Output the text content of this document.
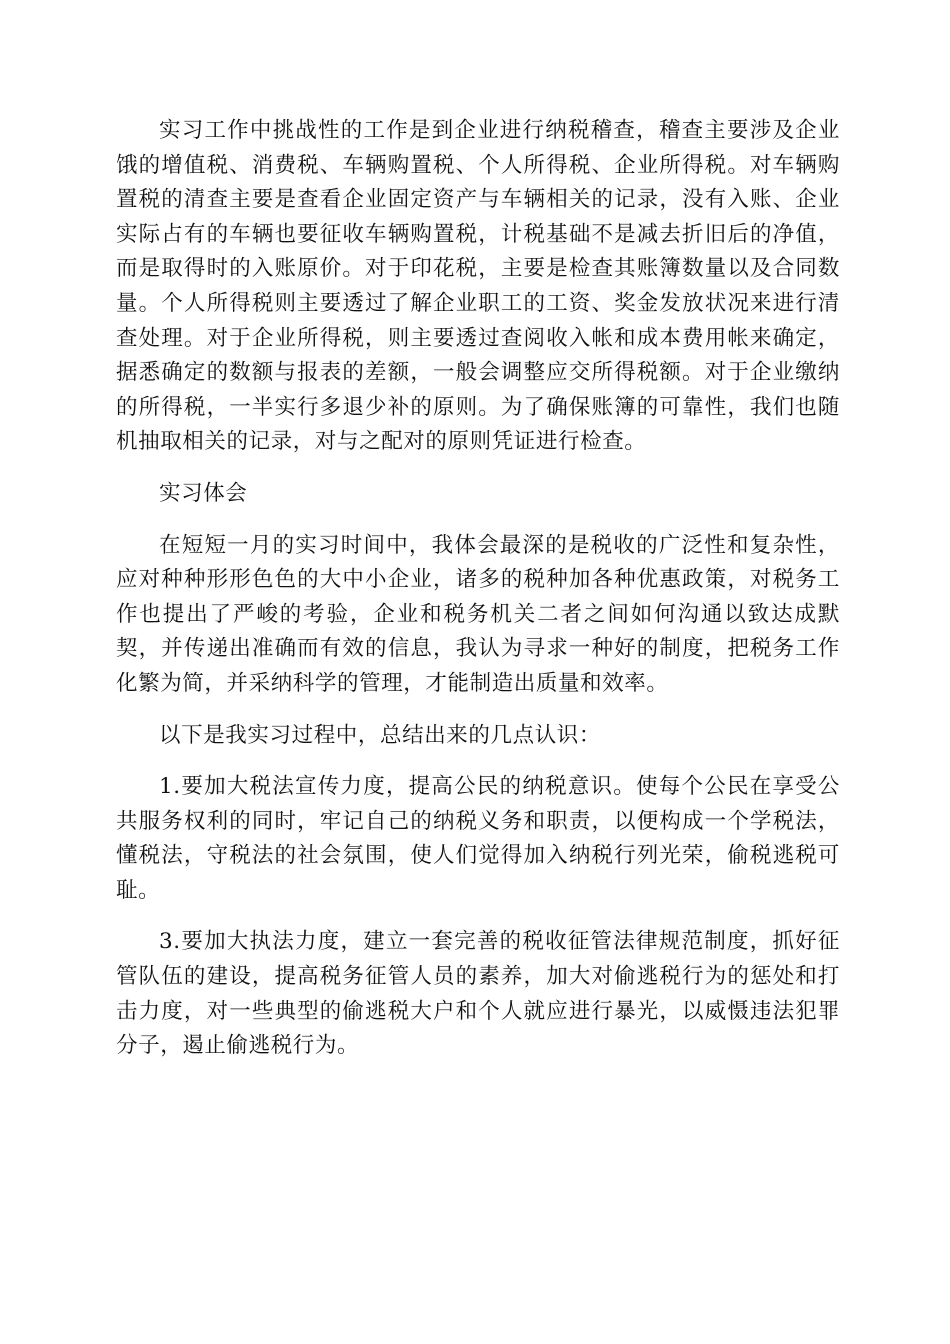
实习工作中挑战性的工作是到企业进行纳税稽查，稽查主要涉及企业饿的增值税、消费税、车辆购置税、个人所得税、企业所得税。对车辆购置税的清查主要是查看企业固定资产与车辆相关的记录，没有入账、企业实际占有的车辆也要征收车辆购置税，计税基础不是减去折旧后的净值，而是取得时的入账原价。对于印花税，主要是检查其账簿数量以及合同数量。个人所得税则主要透过了解企业职工的工资、奖金发放状况来进行清查处理。对于企业所得税，则主要透过查阅收入帐和成本费用帐来确定，据悉确定的数额与报表的差额，一般会调整应交所得税额。对于企业缴纳的所得税，一半实行多退少补的原则。为了确保账簿的可靠性，我们也随机抽取相关的记录，对与之配对的原则凭证进行检查。

实习体会

在短短一月的实习时间中，我体会最深的是税收的广泛性和复杂性，应对种种形形色色的大中小企业，诸多的税种加各种优惠政策，对税务工作也提出了严峻的考验，企业和税务机关二者之间如何沟通以致达成默契，并传递出准确而有效的信息，我认为寻求一种好的制度，把税务工作化繁为简，并采纳科学的管理，才能制造出质量和效率。

以下是我实习过程中，总结出来的几点认识：

1.要加大税法宣传力度，提高公民的纳税意识。使每个公民在享受公共服务权利的同时，牢记自己的纳税义务和职责，以便构成一个学税法，懂税法，守税法的社会氛围，使人们觉得加入纳税行列光荣，偷税逃税可耻。

3.要加大执法力度，建立一套完善的税收征管法律规范制度，抓好征管队伍的建设，提高税务征管人员的素养，加大对偷逃税行为的惩处和打击力度，对一些典型的偷逃税大户和个人就应进行暴光，以威慑违法犯罪分子，遏止偷逃税行为。
